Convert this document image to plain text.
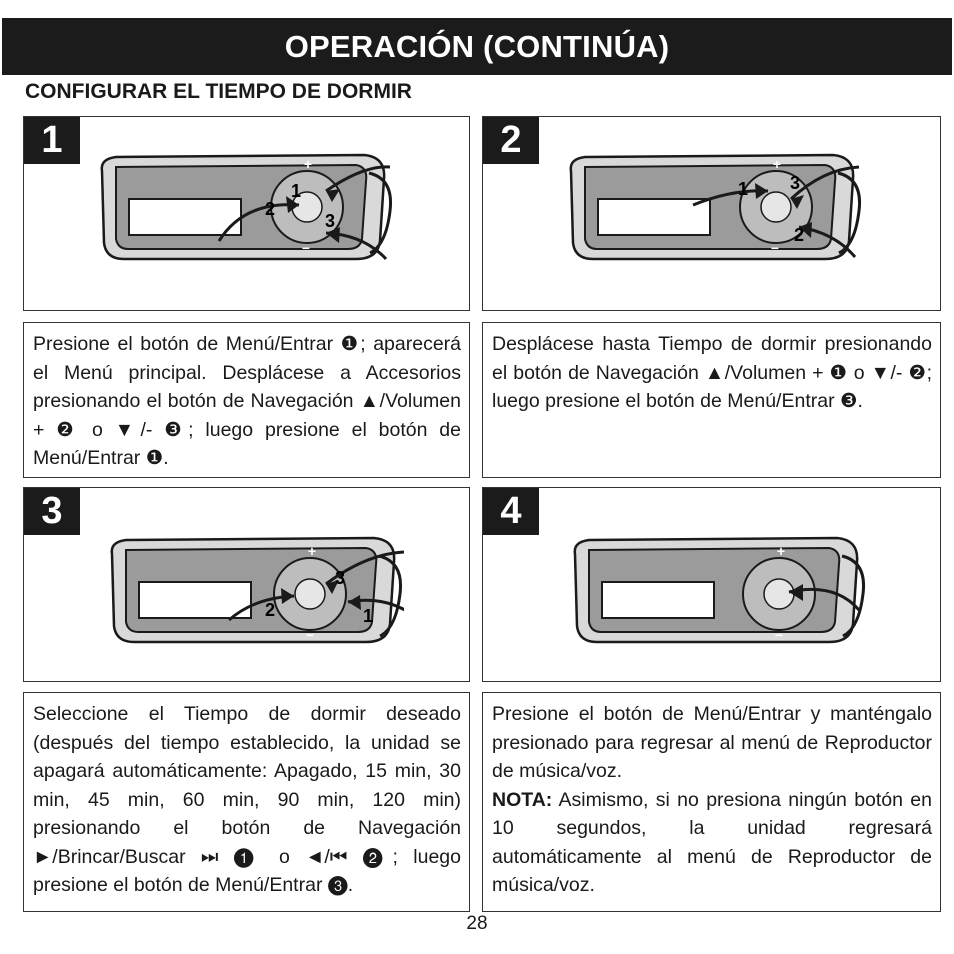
OPERACIÓN (CONTINÚA)
CONFIGURAR EL TIEMPO DE DORMIR
1
+
−
1
2
3
2
+
−
1
2
3

Presione el botón de Menú/Entrar ❶; aparecerá el Menú principal. Desplácese a Accesorios presionando el botón de Navegación ▲/Volumen + ❷ o ▼/- ❸; luego presione el botón de Menú/Entrar ❶.

Desplácese hasta Tiempo de dormir presionando el botón de Navegación ▲/Volumen + ❶ o ▼/- ❷; luego presione el botón de Menú/Entrar ❸.

3
+
−
1
2
3
4
+
−

Seleccione el Tiempo de dormir deseado (después del tiempo establecido, la unidad se apagará automáticamente: Apagado, 15 min, 30 min, 45 min, 60 min, 90 min, 120 min) presionando el botón de Navegación ►/Brincar/Buscar ⏭ ❶ o ◄/⏮ ❷; luego presione el botón de Menú/Entrar ❸.

Presione el botón de Menú/Entrar y manténgalo presionado para regresar al menú de Reproductor de música/voz.

NOTA: Asimismo, si no presiona ningún botón en 10 segundos, la unidad regresará automáticamente al menú de Reproductor de música/voz.

28
